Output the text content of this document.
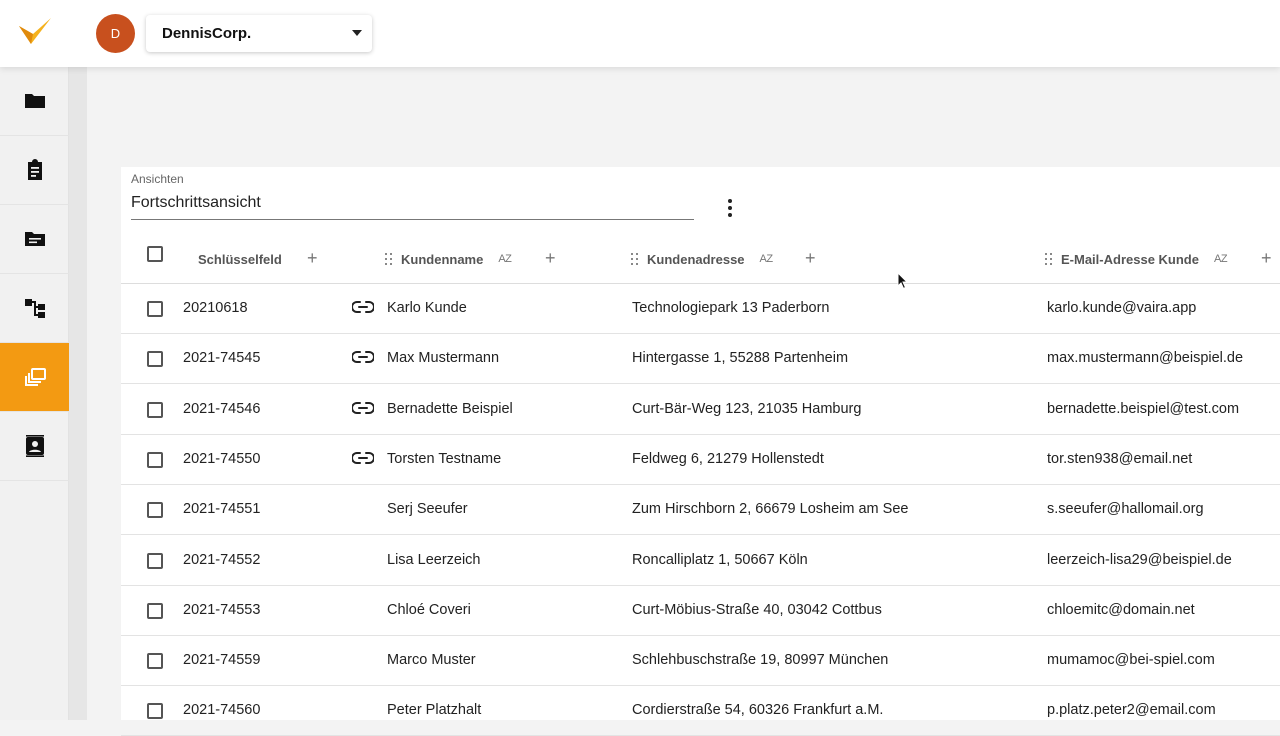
D	DennisCorp.
Ansichten
Fortschrittsansicht
Schlüsselfeld +	Kundenname AZ +	Kundenadresse AZ +	E-Mail-Adresse Kunde AZ +
20210618	Karlo Kunde	Technologiepark 13 Paderborn	karlo.kunde@vaira.app
2021-74545	Max Mustermann	Hintergasse 1, 55288 Partenheim	max.mustermann@beispiel.de
2021-74546	Bernadette Beispiel	Curt-Bär-Weg 123, 21035 Hamburg	bernadette.beispiel@test.com
2021-74550	Torsten Testname	Feldweg 6, 21279 Hollenstedt	tor.sten938@email.net
2021-74551	Serj Seeufer	Zum Hirschborn 2, 66679 Losheim am See	s.seeufer@hallomail.org
2021-74552	Lisa Leerzeich	Roncalliplatz 1, 50667 Köln	leerzeich-lisa29@beispiel.de
2021-74553	Chloé Coveri	Curt-Möbius-Straße 40, 03042 Cottbus	chloemitc@domain.net
2021-74559	Marco Muster	Schlehbuschstraße 19, 80997 München	mumamoc@bei-spiel.com
2021-74560	Peter Platzhalt	Cordierstraße 54, 60326 Frankfurt a.M.	p.platz.peter2@email.com
